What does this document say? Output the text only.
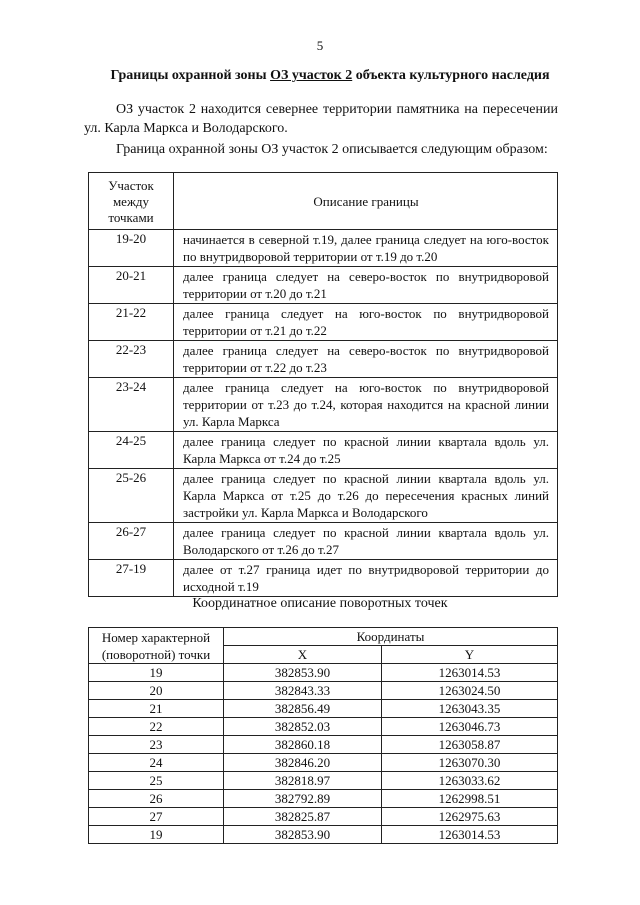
5
Границы охранной зоны ОЗ участок 2 объекта культурного наследия
ОЗ участок 2 находится севернее территории памятника на пересечении ул. Карла Маркса и Володарского.
Граница охранной зоны ОЗ участок 2 описывается следующим образом:
Участок между точками	Описание границы
19-20	начинается в северной т.19, далее граница следует на юго-восток по внутридворовой территории от т.19 до т.20
20-21	далее граница следует на северо-восток по внутридворовой территории от т.20 до т.21
21-22	далее граница следует на юго-восток по внутридворовой территории от т.21 до т.22
22-23	далее граница следует на северо-восток по внутридворовой территории от т.22 до т.23
23-24	далее граница следует на юго-восток по внутридворовой территории от т.23 до т.24, которая находится на красной линии ул. Карла Маркса
24-25	далее граница следует по красной линии квартала вдоль ул. Карла Маркса от т.24 до т.25
25-26	далее граница следует по красной линии квартала вдоль ул. Карла Маркса от т.25 до т.26 до пересечения красных линий застройки ул. Карла Маркса и Володарского
26-27	далее граница следует по красной линии квартала вдоль ул. Володарского от т.26 до т.27
27-19	далее от т.27 граница идет по внутридворовой территории до исходной т.19
Координатное описание поворотных точек
Номер характерной (поворотной) точки	Координаты	
	X	Y
19	382853.90	1263014.53
20	382843.33	1263024.50
21	382856.49	1263043.35
22	382852.03	1263046.73
23	382860.18	1263058.87
24	382846.20	1263070.30
25	382818.97	1263033.62
26	382792.89	1262998.51
27	382825.87	1262975.63
19	382853.90	1263014.53
